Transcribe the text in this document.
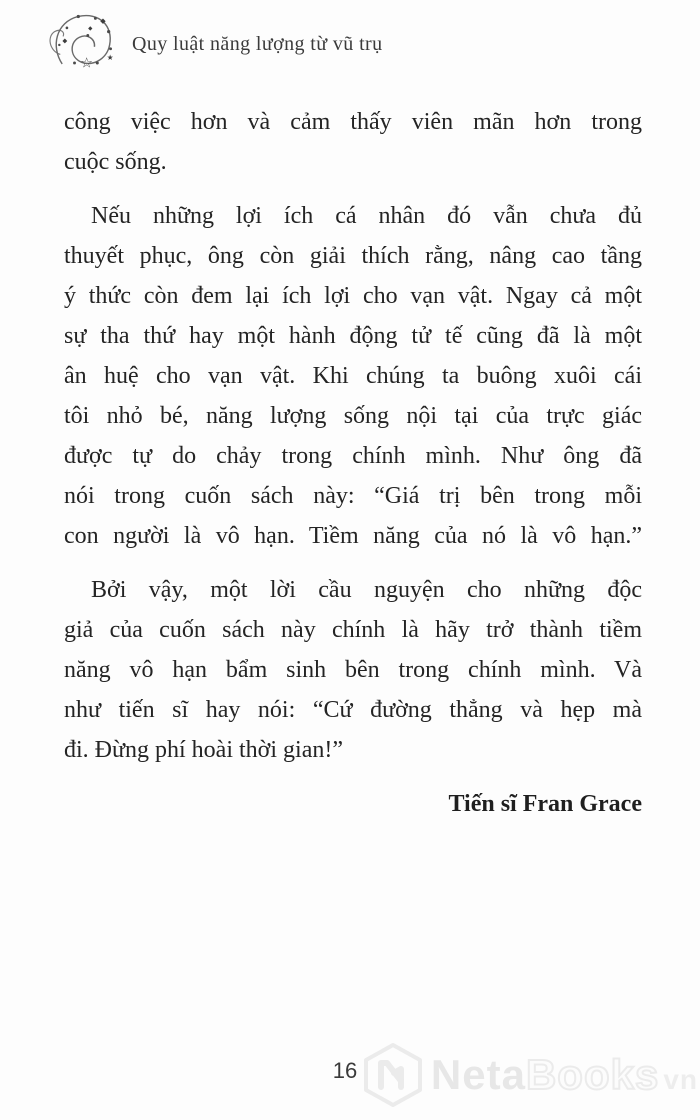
☆ ★
Quy luật năng lượng từ vũ trụ
công việc hơn và cảm thấy viên mãn hơn trong
cuộc sống.
Nếu những lợi ích cá nhân đó vẫn chưa đủ
thuyết phục, ông còn giải thích rằng, nâng cao tầng
ý thức còn đem lại ích lợi cho vạn vật. Ngay cả một
sự tha thứ hay một hành động tử tế cũng đã là một
ân huệ cho vạn vật. Khi chúng ta buông xuôi cái
tôi nhỏ bé, năng lượng sống nội tại của trực giác
được tự do chảy trong chính mình. Như ông đã
nói trong cuốn sách này: “Giá trị bên trong mỗi
con người là vô hạn. Tiềm năng của nó là vô hạn.”
Bởi vậy, một lời cầu nguyện cho những độc
giả của cuốn sách này chính là hãy trở thành tiềm
năng vô hạn bẩm sinh bên trong chính mình. Và
như tiến sĩ hay nói: “Cứ đường thẳng và hẹp mà
đi. Đừng phí hoài thời gian!”
Tiến sĩ Fran Grace
16	NetaBooks vn
